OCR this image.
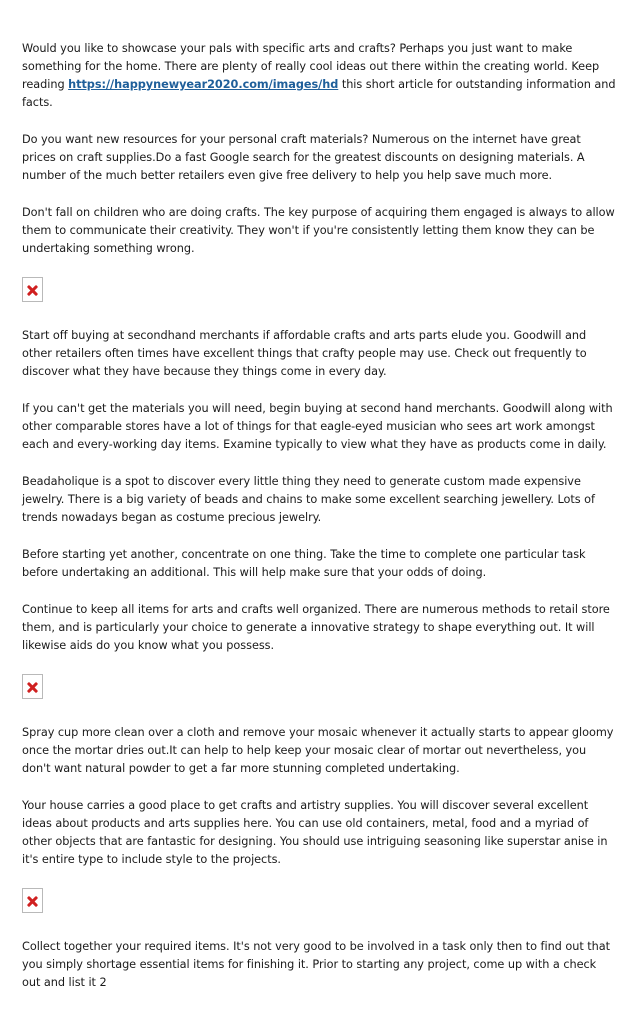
Would you like to showcase your pals with specific arts and crafts? Perhaps you just want to make something for the home. There are plenty of really cool ideas out there within the creating world. Keep reading https://happynewyear2020.com/images/hd this short article for outstanding information and facts.

Do you want new resources for your personal craft materials? Numerous on the internet have great prices on craft supplies.Do a fast Google search for the greatest discounts on designing materials. A number of the much better retailers even give free delivery to help you help save much more.

Don't fall on children who are doing crafts. The key purpose of acquiring them engaged is always to allow them to communicate their creativity. They won't if you're consistently letting them know they can be undertaking something wrong.

Start off buying at secondhand merchants if affordable crafts and arts parts elude you. Goodwill and other retailers often times have excellent things that crafty people may use. Check out frequently to discover what they have because they things come in every day.

If you can't get the materials you will need, begin buying at second hand merchants. Goodwill along with other comparable stores have a lot of things for that eagle-eyed musician who sees art work amongst each and every-working day items. Examine typically to view what they have as products come in daily.

Beadaholique is a spot to discover every little thing they need to generate custom made expensive jewelry. There is a big variety of beads and chains to make some excellent searching jewellery. Lots of trends nowadays began as costume precious jewelry.

Before starting yet another, concentrate on one thing. Take the time to complete one particular task before undertaking an additional. This will help make sure that your odds of doing.

Continue to keep all items for arts and crafts well organized. There are numerous methods to retail store them, and is particularly your choice to generate a innovative strategy to shape everything out. It will likewise aids do you know what you possess.

Spray cup more clean over a cloth and remove your mosaic whenever it actually starts to appear gloomy once the mortar dries out.It can help to help keep your mosaic clear of mortar out nevertheless, you don't want natural powder to get a far more stunning completed undertaking.

Your house carries a good place to get crafts and artistry supplies. You will discover several excellent ideas about products and arts supplies here. You can use old containers, metal, food and a myriad of other objects that are fantastic for designing. You should use intriguing seasoning like superstar anise in it's entire type to include style to the projects.

Collect together your required items. It's not very good to be involved in a task only then to find out that you simply shortage essential items for finishing it. Prior to starting any project, come up with a check out and list it 2
